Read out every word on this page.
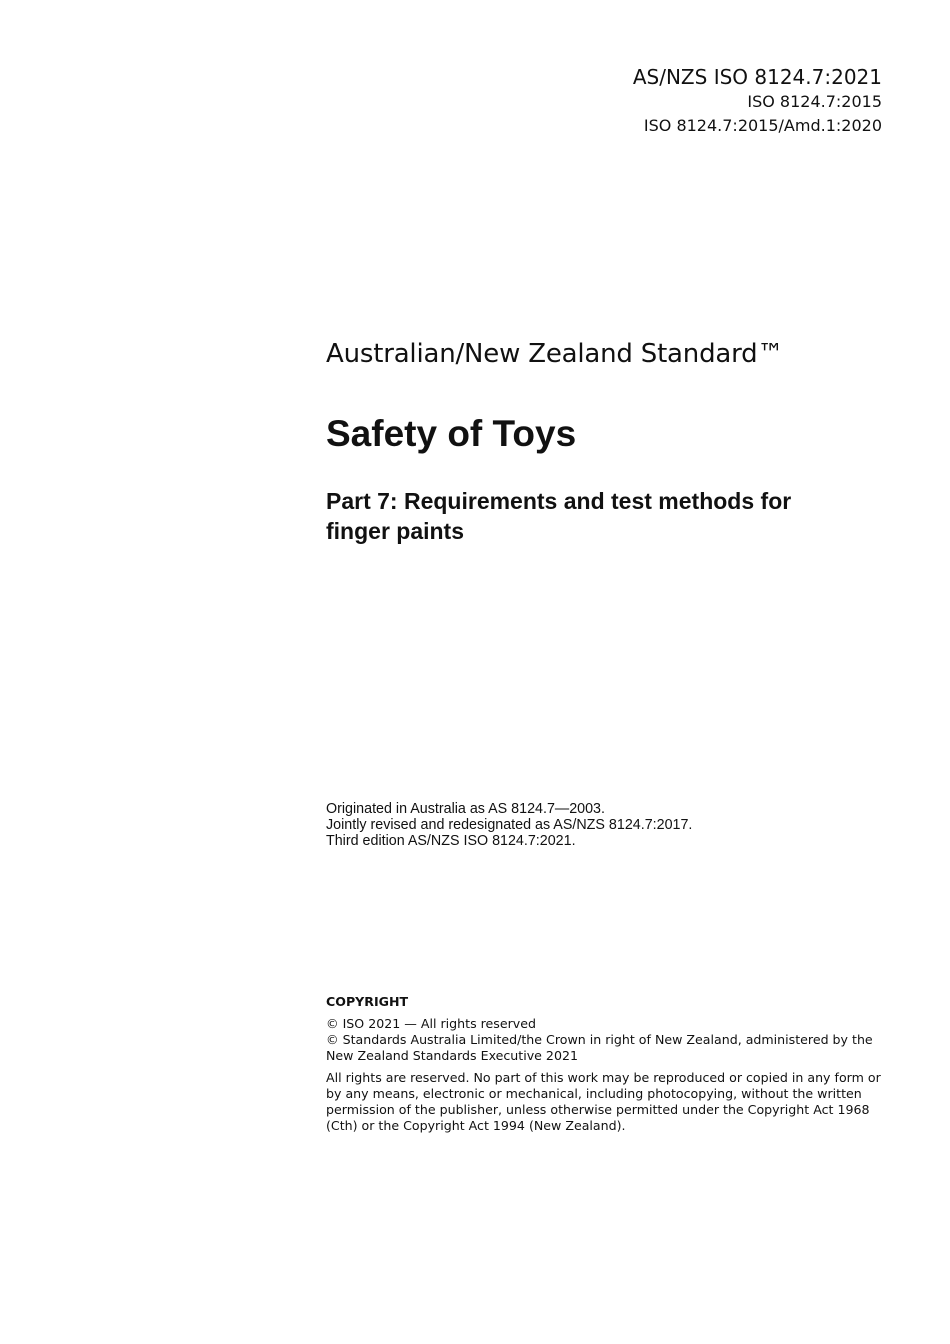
AS/NZS ISO 8124.7:2021
ISO 8124.7:2015
ISO 8124.7:2015/Amd.1:2020
Australian/New Zealand Standard™
Safety of Toys
Part 7: Requirements and test methods for finger paints
Originated in Australia as AS 8124.7—2003.
Jointly revised and redesignated as AS/NZS 8124.7:2017.
Third edition AS/NZS ISO 8124.7:2021.
COPYRIGHT

© ISO 2021 — All rights reserved
© Standards Australia Limited/the Crown in right of New Zealand, administered by the New Zealand Standards Executive 2021

All rights are reserved. No part of this work may be reproduced or copied in any form or by any means, electronic or mechanical, including photocopying, without the written permission of the publisher, unless otherwise permitted under the Copyright Act 1968 (Cth) or the Copyright Act 1994 (New Zealand).
